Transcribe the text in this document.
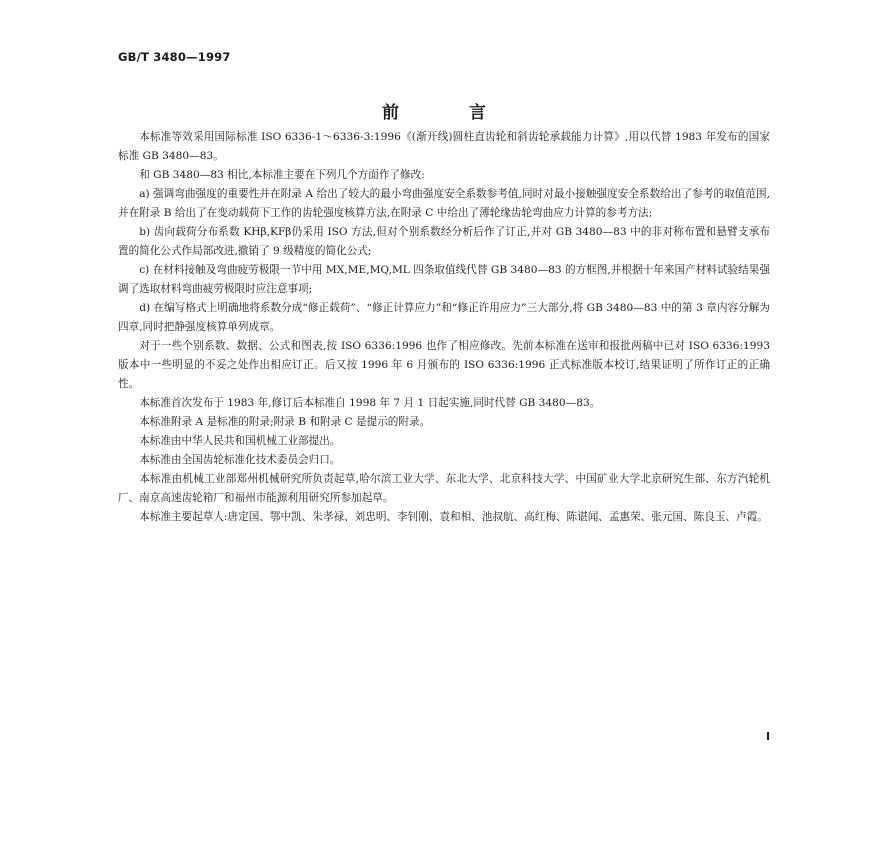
GB/T 3480—1997
前 言

本标准等效采用国际标准 ISO 6336-1～6336-3:1996《(渐开线)圆柱直齿轮和斜齿轮承载能力计算》,用以代替 1983 年发布的国家标准 GB 3480—83。

和 GB 3480—83 相比,本标准主要在下列几个方面作了修改:

a) 强调弯曲强度的重要性并在附录 A 给出了较大的最小弯曲强度安全系数参考值,同时对最小接触强度安全系数给出了参考的取值范围,并在附录 B 给出了在变动载荷下工作的齿轮强度核算方法,在附录 C 中给出了薄轮缘齿轮弯曲应力计算的参考方法;

b) 齿向载荷分布系数 KHβ,KFβ仍采用 ISO 方法,但对个别系数经分析后作了订正,并对 GB 3480—83 中的非对称布置和悬臂支承布置的简化公式作局部改进,撤销了 9 级精度的简化公式;

c) 在材料接触及弯曲疲劳极限一节中用 MX,ME,MQ,ML 四条取值线代替 GB 3480—83 的方框图,并根据十年来国产材料试验结果强调了选取材料弯曲疲劳极限时应注意事项;

d) 在编写格式上明确地将系数分成“修正载荷”、“修正计算应力”和“修正许用应力”三大部分,将 GB 3480—83 中的第 3 章内容分解为四章,同时把静强度核算单列成章。

对于一些个别系数、数据、公式和图表,按 ISO 6336:1996 也作了相应修改。先前本标准在送审和报批两稿中已对 ISO 6336:1993 版本中一些明显的不妥之处作出相应订正。后又按 1996 年 6 月颁布的 ISO 6336:1996 正式标准版本校订,结果证明了所作订正的正确性。

本标准首次发布于 1983 年,修订后本标准自 1998 年 7 月 1 日起实施,同时代替 GB 3480—83。

本标准附录 A 是标准的附录;附录 B 和附录 C 是提示的附录。

本标准由中华人民共和国机械工业部提出。

本标准由全国齿轮标准化技术委员会归口。

本标准由机械工业部郑州机械研究所负责起草,哈尔滨工业大学、东北大学、北京科技大学、中国矿业大学北京研究生部、东方汽轮机厂、南京高速齿轮箱厂和福州市能源利用研究所参加起草。

本标准主要起草人:唐定国、鄂中凯、朱孝禄、刘忠明、李钊刚、袁和相、池叔航、高红梅、陈谌闻、孟惠荣、张元国、陈良玉、卢霞。

I
